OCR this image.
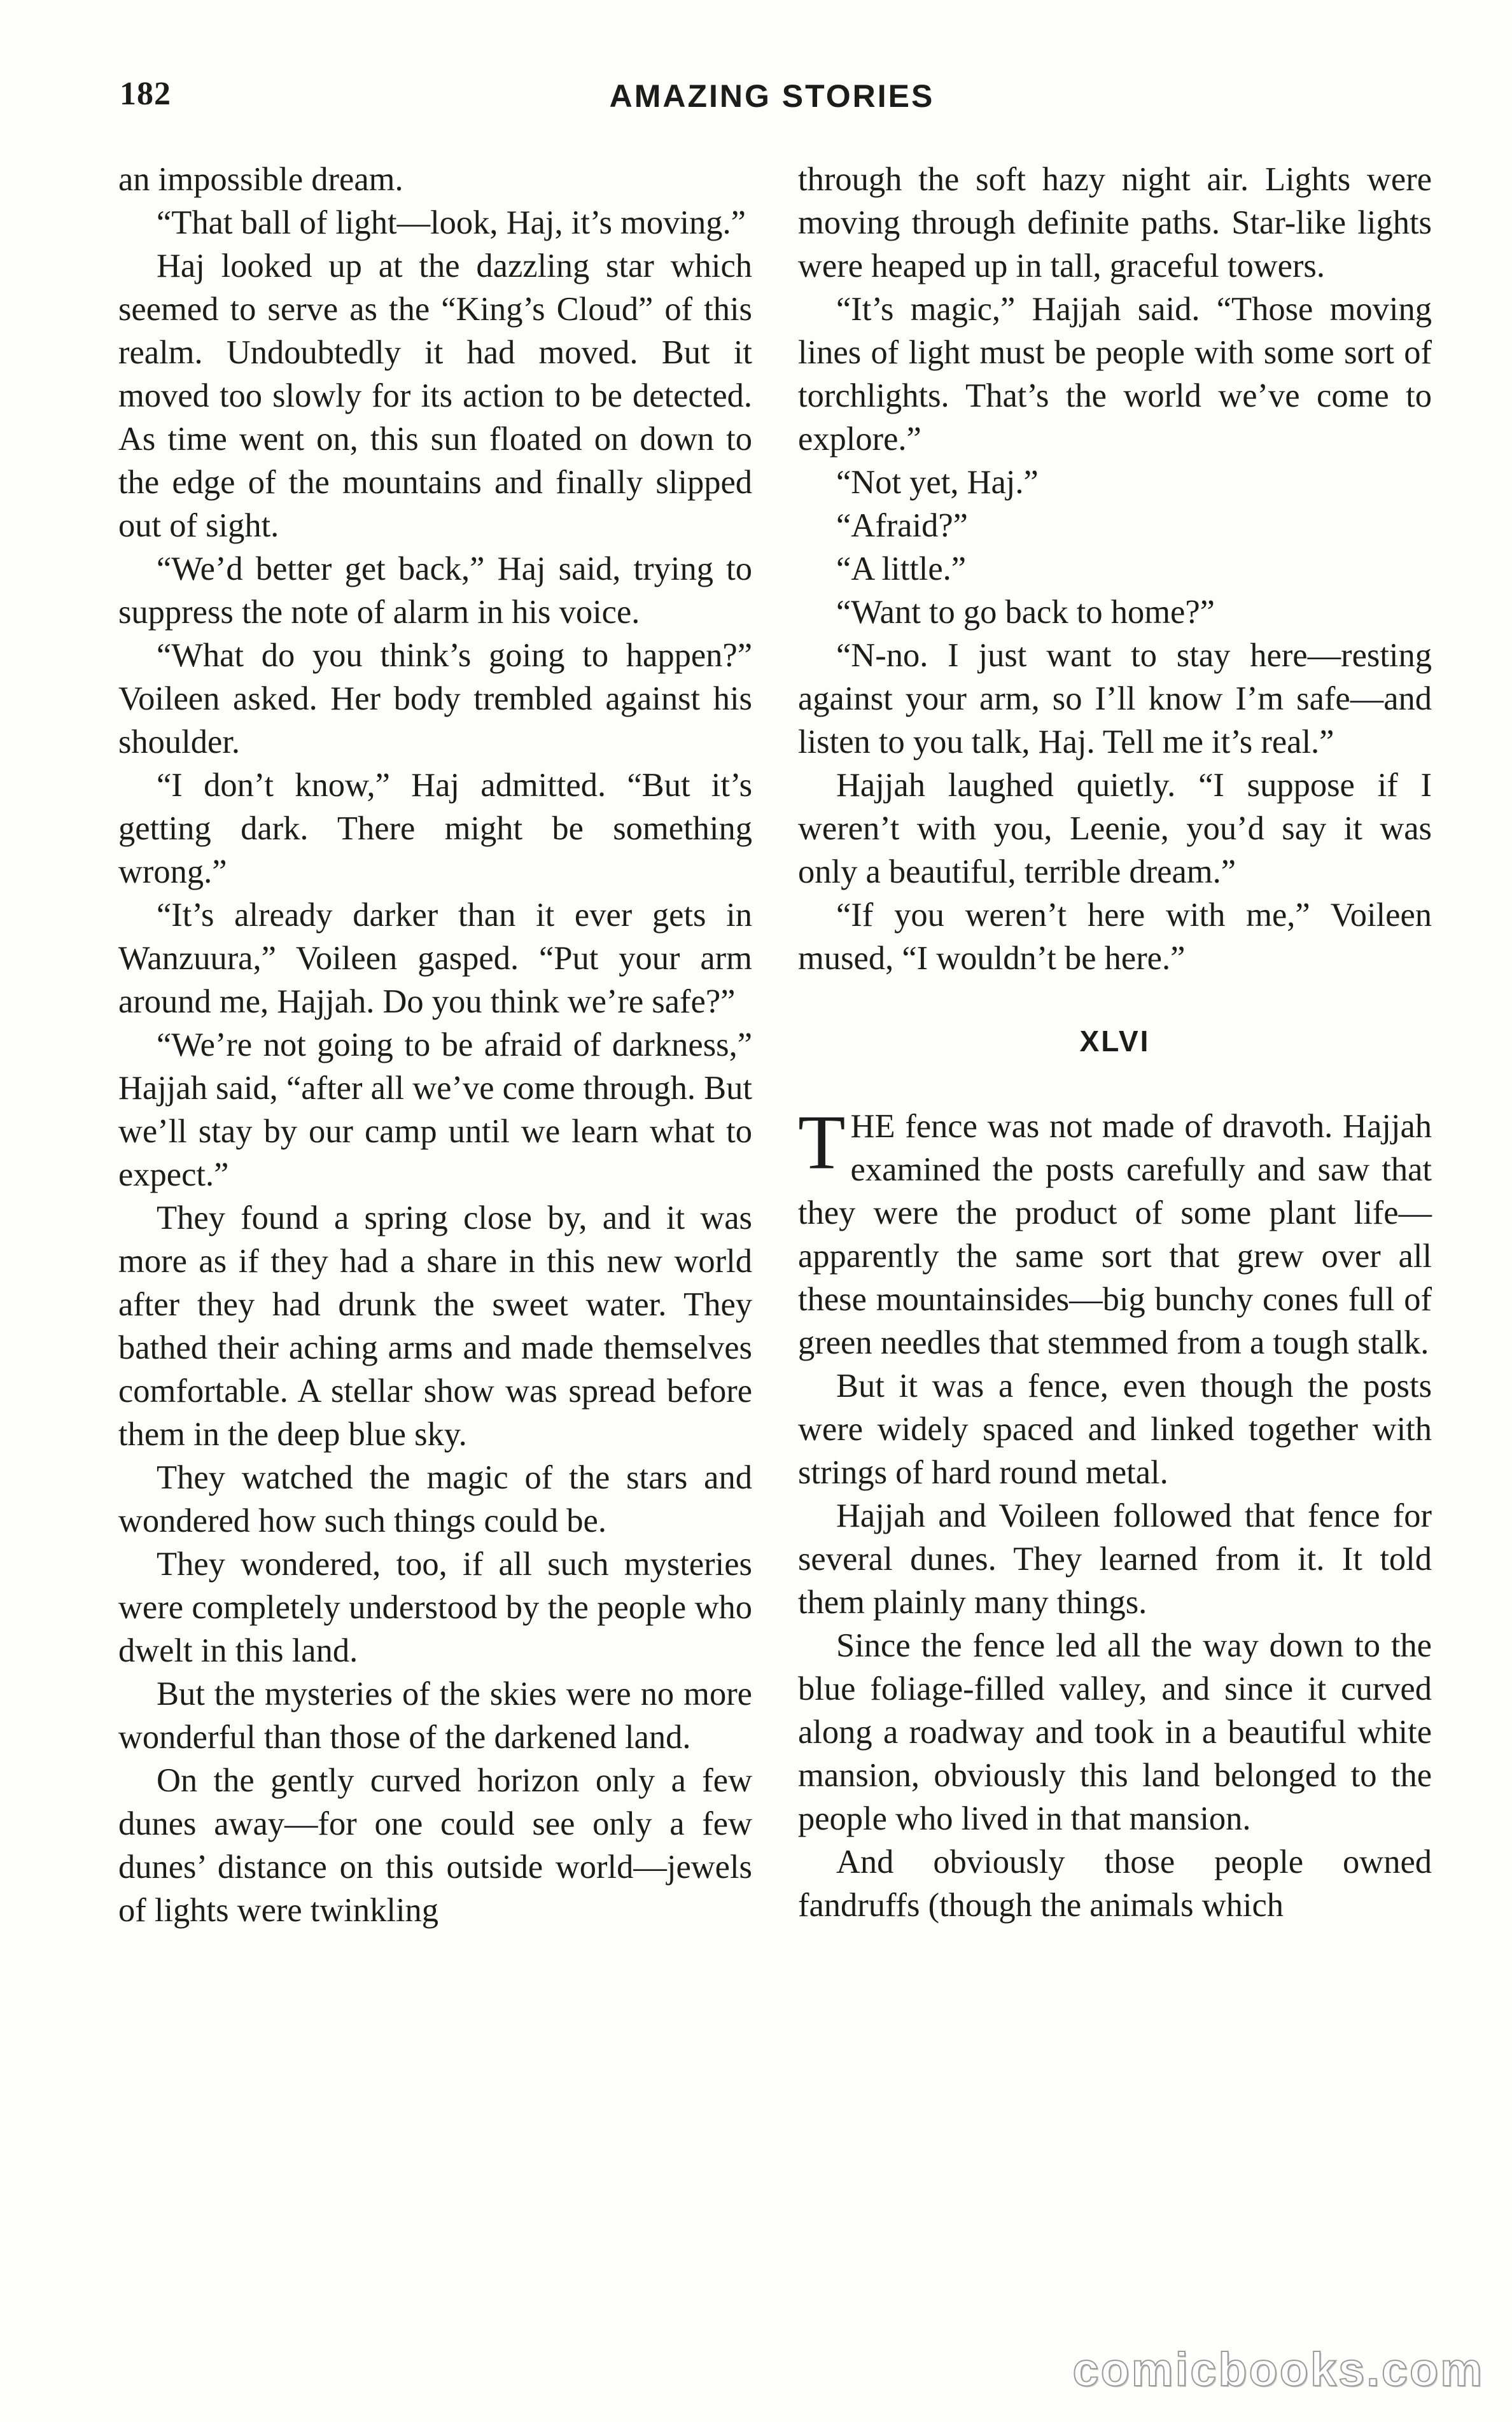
182	AMAZING STORIES

an impossible dream.

“That ball of light—look, Haj, it’s moving.”

Haj looked up at the dazzling star which seemed to serve as the “King’s Cloud” of this realm. Undoubtedly it had moved. But it moved too slowly for its action to be detected. As time went on, this sun floated on down to the edge of the mountains and finally slipped out of sight.

“We’d better get back,” Haj said, trying to suppress the note of alarm in his voice.

“What do you think’s going to happen?” Voileen asked. Her body trembled against his shoulder.

“I don’t know,” Haj admitted. “But it’s getting dark. There might be something wrong.”

“It’s already darker than it ever gets in Wanzuura,” Voileen gasped. “Put your arm around me, Hajjah. Do you think we’re safe?”

“We’re not going to be afraid of darkness,” Hajjah said, “after all we’ve come through. But we’ll stay by our camp until we learn what to expect.”

They found a spring close by, and it was more as if they had a share in this new world after they had drunk the sweet water. They bathed their aching arms and made themselves comfortable. A stellar show was spread before them in the deep blue sky.

They watched the magic of the stars and wondered how such things could be.

They wondered, too, if all such mysteries were completely understood by the people who dwelt in this land.

But the mysteries of the skies were no more wonderful than those of the darkened land.

On the gently curved horizon only a few dunes away—for one could see only a few dunes’ distance on this outside world—jewels of lights were twinkling

through the soft hazy night air. Lights were moving through definite paths. Star-like lights were heaped up in tall, graceful towers.

“It’s magic,” Hajjah said. “Those moving lines of light must be people with some sort of torchlights. That’s the world we’ve come to explore.”

“Not yet, Haj.”

“Afraid?”

“A little.”

“Want to go back to home?”

“N-no. I just want to stay here—resting against your arm, so I’ll know I’m safe—and listen to you talk, Haj. Tell me it’s real.”

Hajjah laughed quietly. “I suppose if I weren’t with you, Leenie, you’d say it was only a beautiful, terrible dream.”

“If you weren’t here with me,” Voileen mused, “I wouldn’t be here.”

XLVI

THE fence was not made of dravoth. Hajjah examined the posts carefully and saw that they were the product of some plant life—apparently the same sort that grew over all these mountainsides—big bunchy cones full of green needles that stemmed from a tough stalk.

But it was a fence, even though the posts were widely spaced and linked together with strings of hard round metal.

Hajjah and Voileen followed that fence for several dunes. They learned from it. It told them plainly many things.

Since the fence led all the way down to the blue foliage-filled valley, and since it curved along a roadway and took in a beautiful white mansion, obviously this land belonged to the people who lived in that mansion.

And obviously those people owned fandruffs (though the animals which

comicbooks.com
